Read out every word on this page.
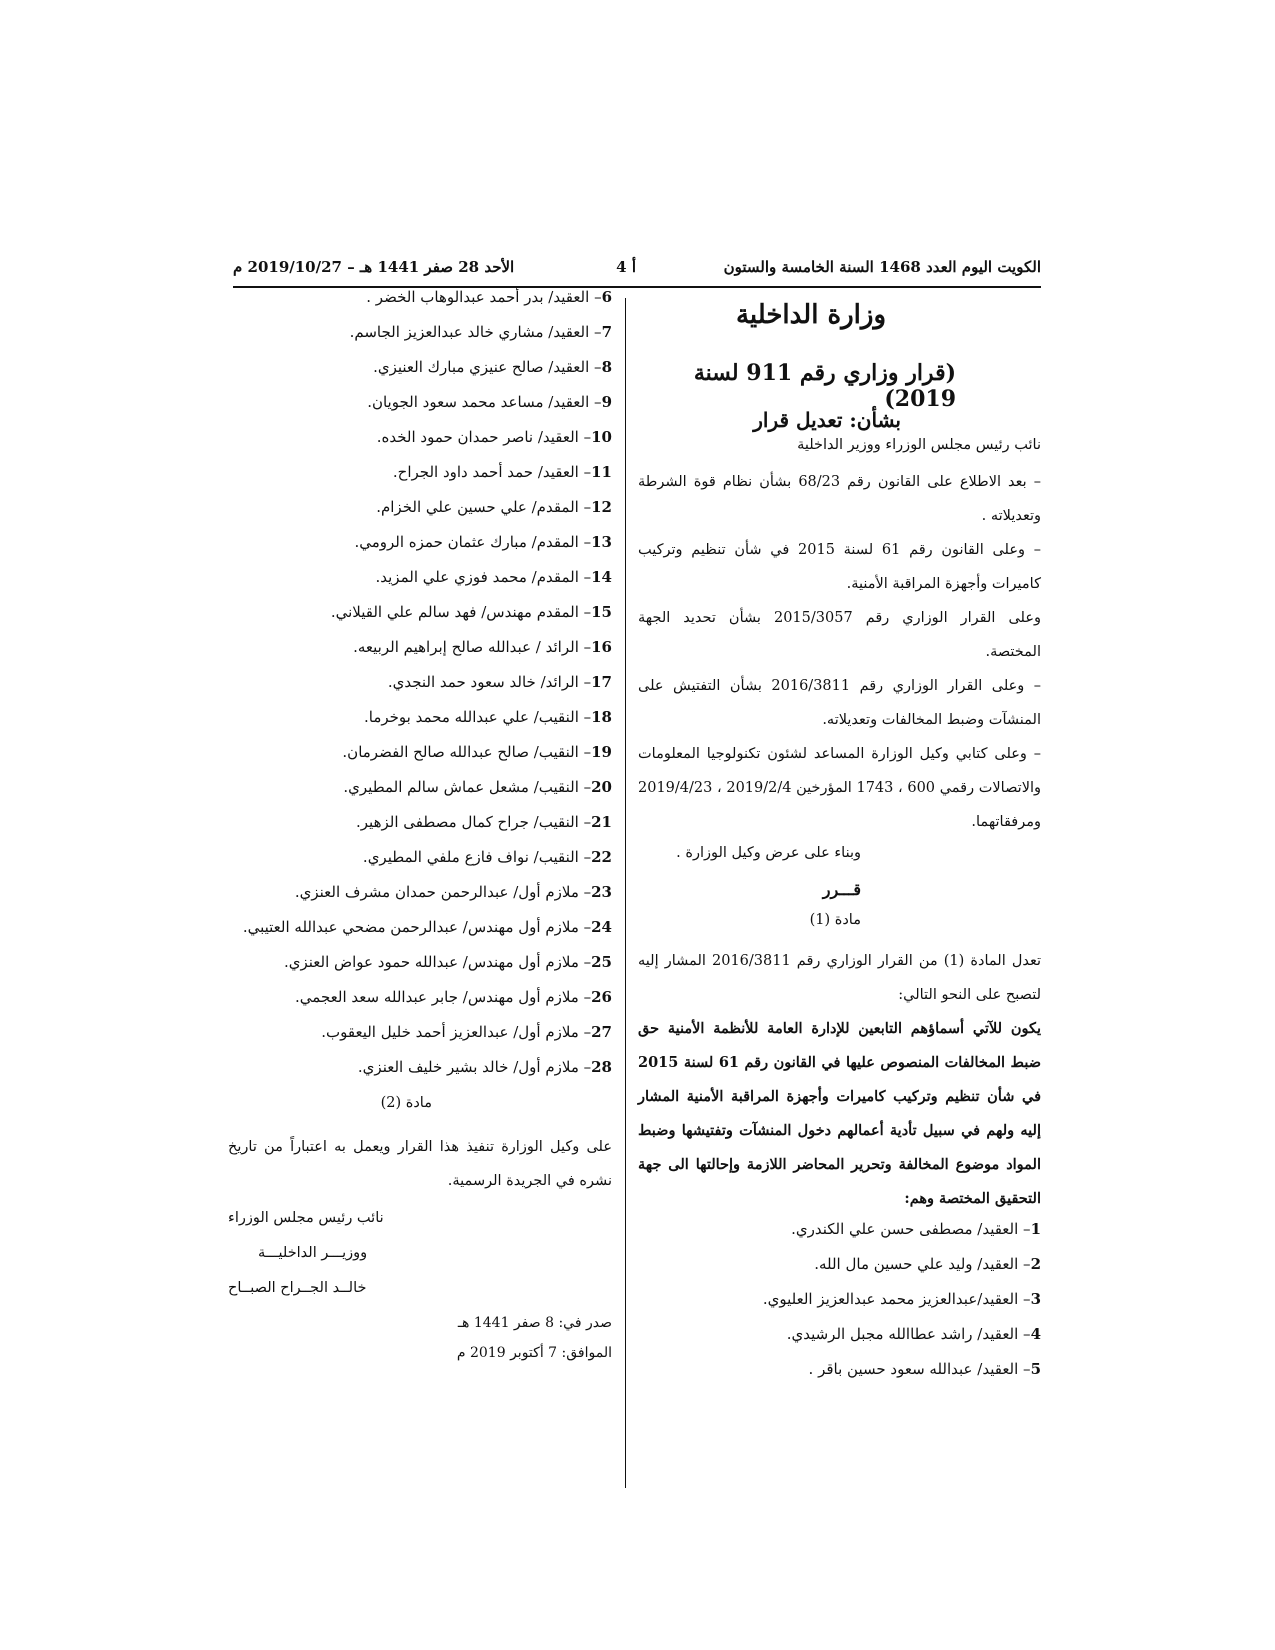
الكويت اليوم العدد 1468 السنة الخامسة والستون
أ 4
الأحد 28 صفر 1441 هـ – 2019/10/27 م
وزارة الداخلية
(قرار وزاري رقم 911 لسنة 2019)
بشأن: تعديل قرار
نائب رئيس مجلس الوزراء ووزير الداخلية
– بعد الاطلاع على القانون رقم 68/23 بشأن نظام قوة الشرطة وتعديلاته .
– وعلى القانون رقم 61 لسنة 2015 في شأن تنظيم وتركيب كاميرات وأجهزة المراقبة الأمنية.
وعلى القرار الوزاري رقم 2015/3057 بشأن تحديد الجهة المختصة.
– وعلى القرار الوزاري رقم 2016/3811 بشأن التفتيش على المنشآت وضبط المخالفات وتعديلاته.
– وعلى كتابي وكيل الوزارة المساعد لشئون تكنولوجيا المعلومات والاتصالات رقمي 600 ، 1743 المؤرخين 2019/2/4 ، 2019/4/23 ومرفقاتهما.
وبناء على عرض وكيل الوزارة .
قـــرر
مادة (1)
تعدل المادة (1) من القرار الوزاري رقم 2016/3811 المشار إليه لتصبح على النحو التالي:
يكون للآتي أسماؤهم التابعين للإدارة العامة للأنظمة الأمنية حق ضبط المخالفات المنصوص عليها في القانون رقم 61 لسنة 2015 في شأن تنظيم وتركيب كاميرات وأجهزة المراقبة الأمنية المشار إليه ولهم في سبيل تأدية أعمالهم دخول المنشآت وتفتيشها وضبط المواد موضوع المخالفة وتحرير المحاضر اللازمة وإحالتها الى جهة التحقيق المختصة وهم:
1– العقيد/ مصطفى حسن علي الكندري.
2– العقيد/ وليد علي حسين مال الله.
3– العقيد/عبدالعزيز محمد عبدالعزيز العليوي.
4– العقيد/ راشد عطاالله مجبل الرشيدي.
5– العقيد/ عبدالله سعود حسين باقر .
6– العقيد/ بدر أحمد عبدالوهاب الخضر .
7– العقيد/ مشاري خالد عبدالعزيز الجاسم.
8– العقيد/ صالح عنيزي مبارك العنيزي.
9– العقيد/ مساعد محمد سعود الجويان.
10– العقيد/ ناصر حمدان حمود الخده.
11– العقيد/ حمد أحمد داود الجراح.
12– المقدم/ علي حسين علي الخزام.
13– المقدم/ مبارك عثمان حمزه الرومي.
14– المقدم/ محمد فوزي علي المزيد.
15– المقدم مهندس/ فهد سالم علي القيلاني.
16– الرائد / عبدالله صالح إبراهيم الربيعه.
17– الرائد/ خالد سعود حمد النجدي.
18– النقيب/ علي عبدالله محمد بوخرما.
19– النقيب/ صالح عبدالله صالح الفضرمان.
20– النقيب/ مشعل عماش سالم المطيري.
21– النقيب/ جراح كمال مصطفى الزهير.
22– النقيب/ نواف فازع ملفي المطيري.
23– ملازم أول/ عبدالرحمن حمدان مشرف العنزي.
24– ملازم أول مهندس/ عبدالرحمن مضحي عبدالله العتيبي.
25– ملازم أول مهندس/ عبدالله حمود عواض العنزي.
26– ملازم أول مهندس/ جابر عبدالله سعد العجمي.
27– ملازم أول/ عبدالعزيز أحمد خليل اليعقوب.
28– ملازم أول/ خالد بشير خليف العنزي.
مادة (2)
على وكيل الوزارة تنفيذ هذا القرار ويعمل به اعتباراً من تاريخ نشره في الجريدة الرسمية.
نائب رئيس مجلس الوزراء
ووزيـــر الداخليـــة
خالــد الجــراح الصبــاح
صدر في: 8 صفر 1441 هـ
الموافق: 7 أكتوبر 2019 م
